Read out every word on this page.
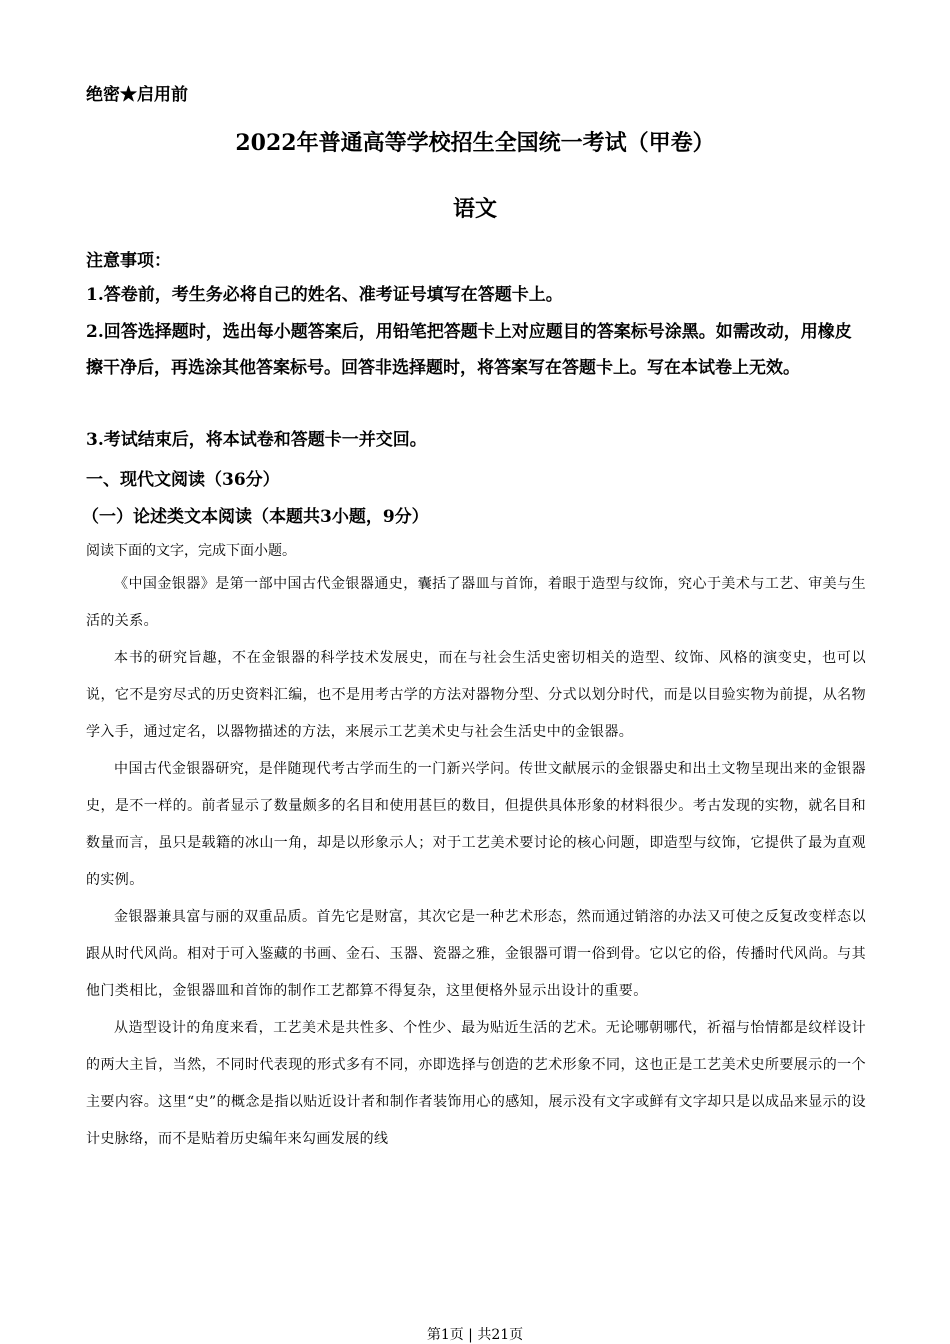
绝密★启用前
2022年普通高等学校招生全国统一考试（甲卷）
语文
注意事项：
1.答卷前，考生务必将自己的姓名、准考证号填写在答题卡上。
2.回答选择题时，选出每小题答案后，用铅笔把答题卡上对应题目的答案标号涂黑。如需改动，用橡皮擦干净后，再选涂其他答案标号。回答非选择题时，将答案写在答题卡上。写在本试卷上无效。
3.考试结束后，将本试卷和答题卡一并交回。
一、现代文阅读（36分）
（一）论述类文本阅读（本题共3小题，9分）
阅读下面的文字，完成下面小题。

《中国金银器》是第一部中国古代金银器通史，囊括了器皿与首饰，着眼于造型与纹饰，究心于美术与工艺、审美与生活的关系。

本书的研究旨趣，不在金银器的科学技术发展史，而在与社会生活史密切相关的造型、纹饰、风格的演变史，也可以说，它不是穷尽式的历史资料汇编，也不是用考古学的方法对器物分型、分式以划分时代，而是以目验实物为前提，从名物学入手，通过定名，以器物描述的方法，来展示工艺美术史与社会生活史中的金银器。

中国古代金银器研究，是伴随现代考古学而生的一门新兴学问。传世文献展示的金银器史和出土文物呈现出来的金银器史，是不一样的。前者显示了数量颇多的名目和使用甚巨的数目，但提供具体形象的材料很少。考古发现的实物，就名目和数量而言，虽只是载籍的冰山一角，却是以形象示人；对于工艺美术要讨论的核心问题，即造型与纹饰，它提供了最为直观的实例。

金银器兼具富与丽的双重品质。首先它是财富，其次它是一种艺术形态，然而通过销溶的办法又可使之反复改变样态以跟从时代风尚。相对于可入鉴藏的书画、金石、玉器、瓷器之雅，金银器可谓一俗到骨。它以它的俗，传播时代风尚。与其他门类相比，金银器皿和首饰的制作工艺都算不得复杂，这里便格外显示出设计的重要。

从造型设计的角度来看，工艺美术是共性多、个性少、最为贴近生活的艺术。无论哪朝哪代，祈福与怡情都是纹样设计的两大主旨，当然，不同时代表现的形式多有不同，亦即选择与创造的艺术形象不同，这也正是工艺美术史所要展示的一个主要内容。这里“史”的概念是指以贴近设计者和制作者装饰用心的感知，展示没有文字或鲜有文字却只是以成品来显示的设计史脉络，而不是贴着历史编年来勾画发展的线

第1页 | 共21页
